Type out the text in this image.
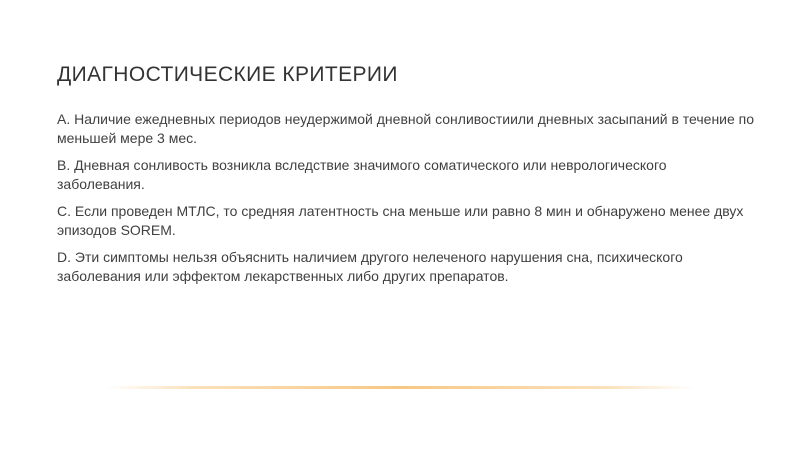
ДИАГНОСТИЧЕСКИЕ КРИТЕРИИ

A. Наличие ежедневных периодов неудержимой дневной сонливостиили дневных засыпаний в течение по меньшей мере 3 мес.

B. Дневная сонливость возникла вследствие значимого соматического или неврологического заболевания.

C. Если проведен МТЛС, то средняя латентность сна меньше или равно 8 мин и обнаружено менее двух эпизодов SOREM.

D. Эти симптомы нельзя объяснить наличием другого нелеченого нарушения сна, психического заболевания или эффектом лекарственных либо других препаратов.
